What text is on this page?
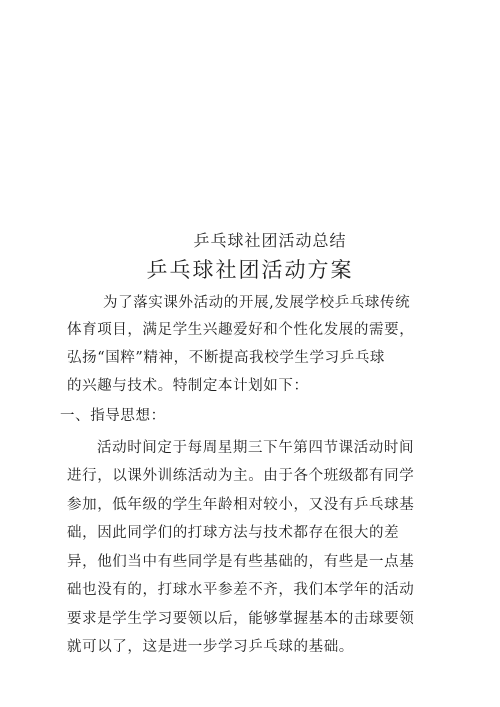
乒乓球社团活动总结
乒乓球社团活动方案
为了落实课外活动的开展,发展学校乒乓球传统
体育项目，满足学生兴趣爱好和个性化发展的需要，
弘扬“国粹”精神，不断提高我校学生学习乒乓球
的兴趣与技术。特制定本计划如下：
一、指导思想：
活动时间定于每周星期三下午第四节课活动时间
进行，以课外训练活动为主。由于各个班级都有同学
参加，低年级的学生年龄相对较小，又没有乒乓球基
础，因此同学们的打球方法与技术都存在很大的差
异，他们当中有些同学是有些基础的，有些是一点基
础也没有的，打球水平参差不齐，我们本学年的活动
要求是学生学习要领以后，能够掌握基本的击球要领
就可以了，这是进一步学习乒乓球的基础。
